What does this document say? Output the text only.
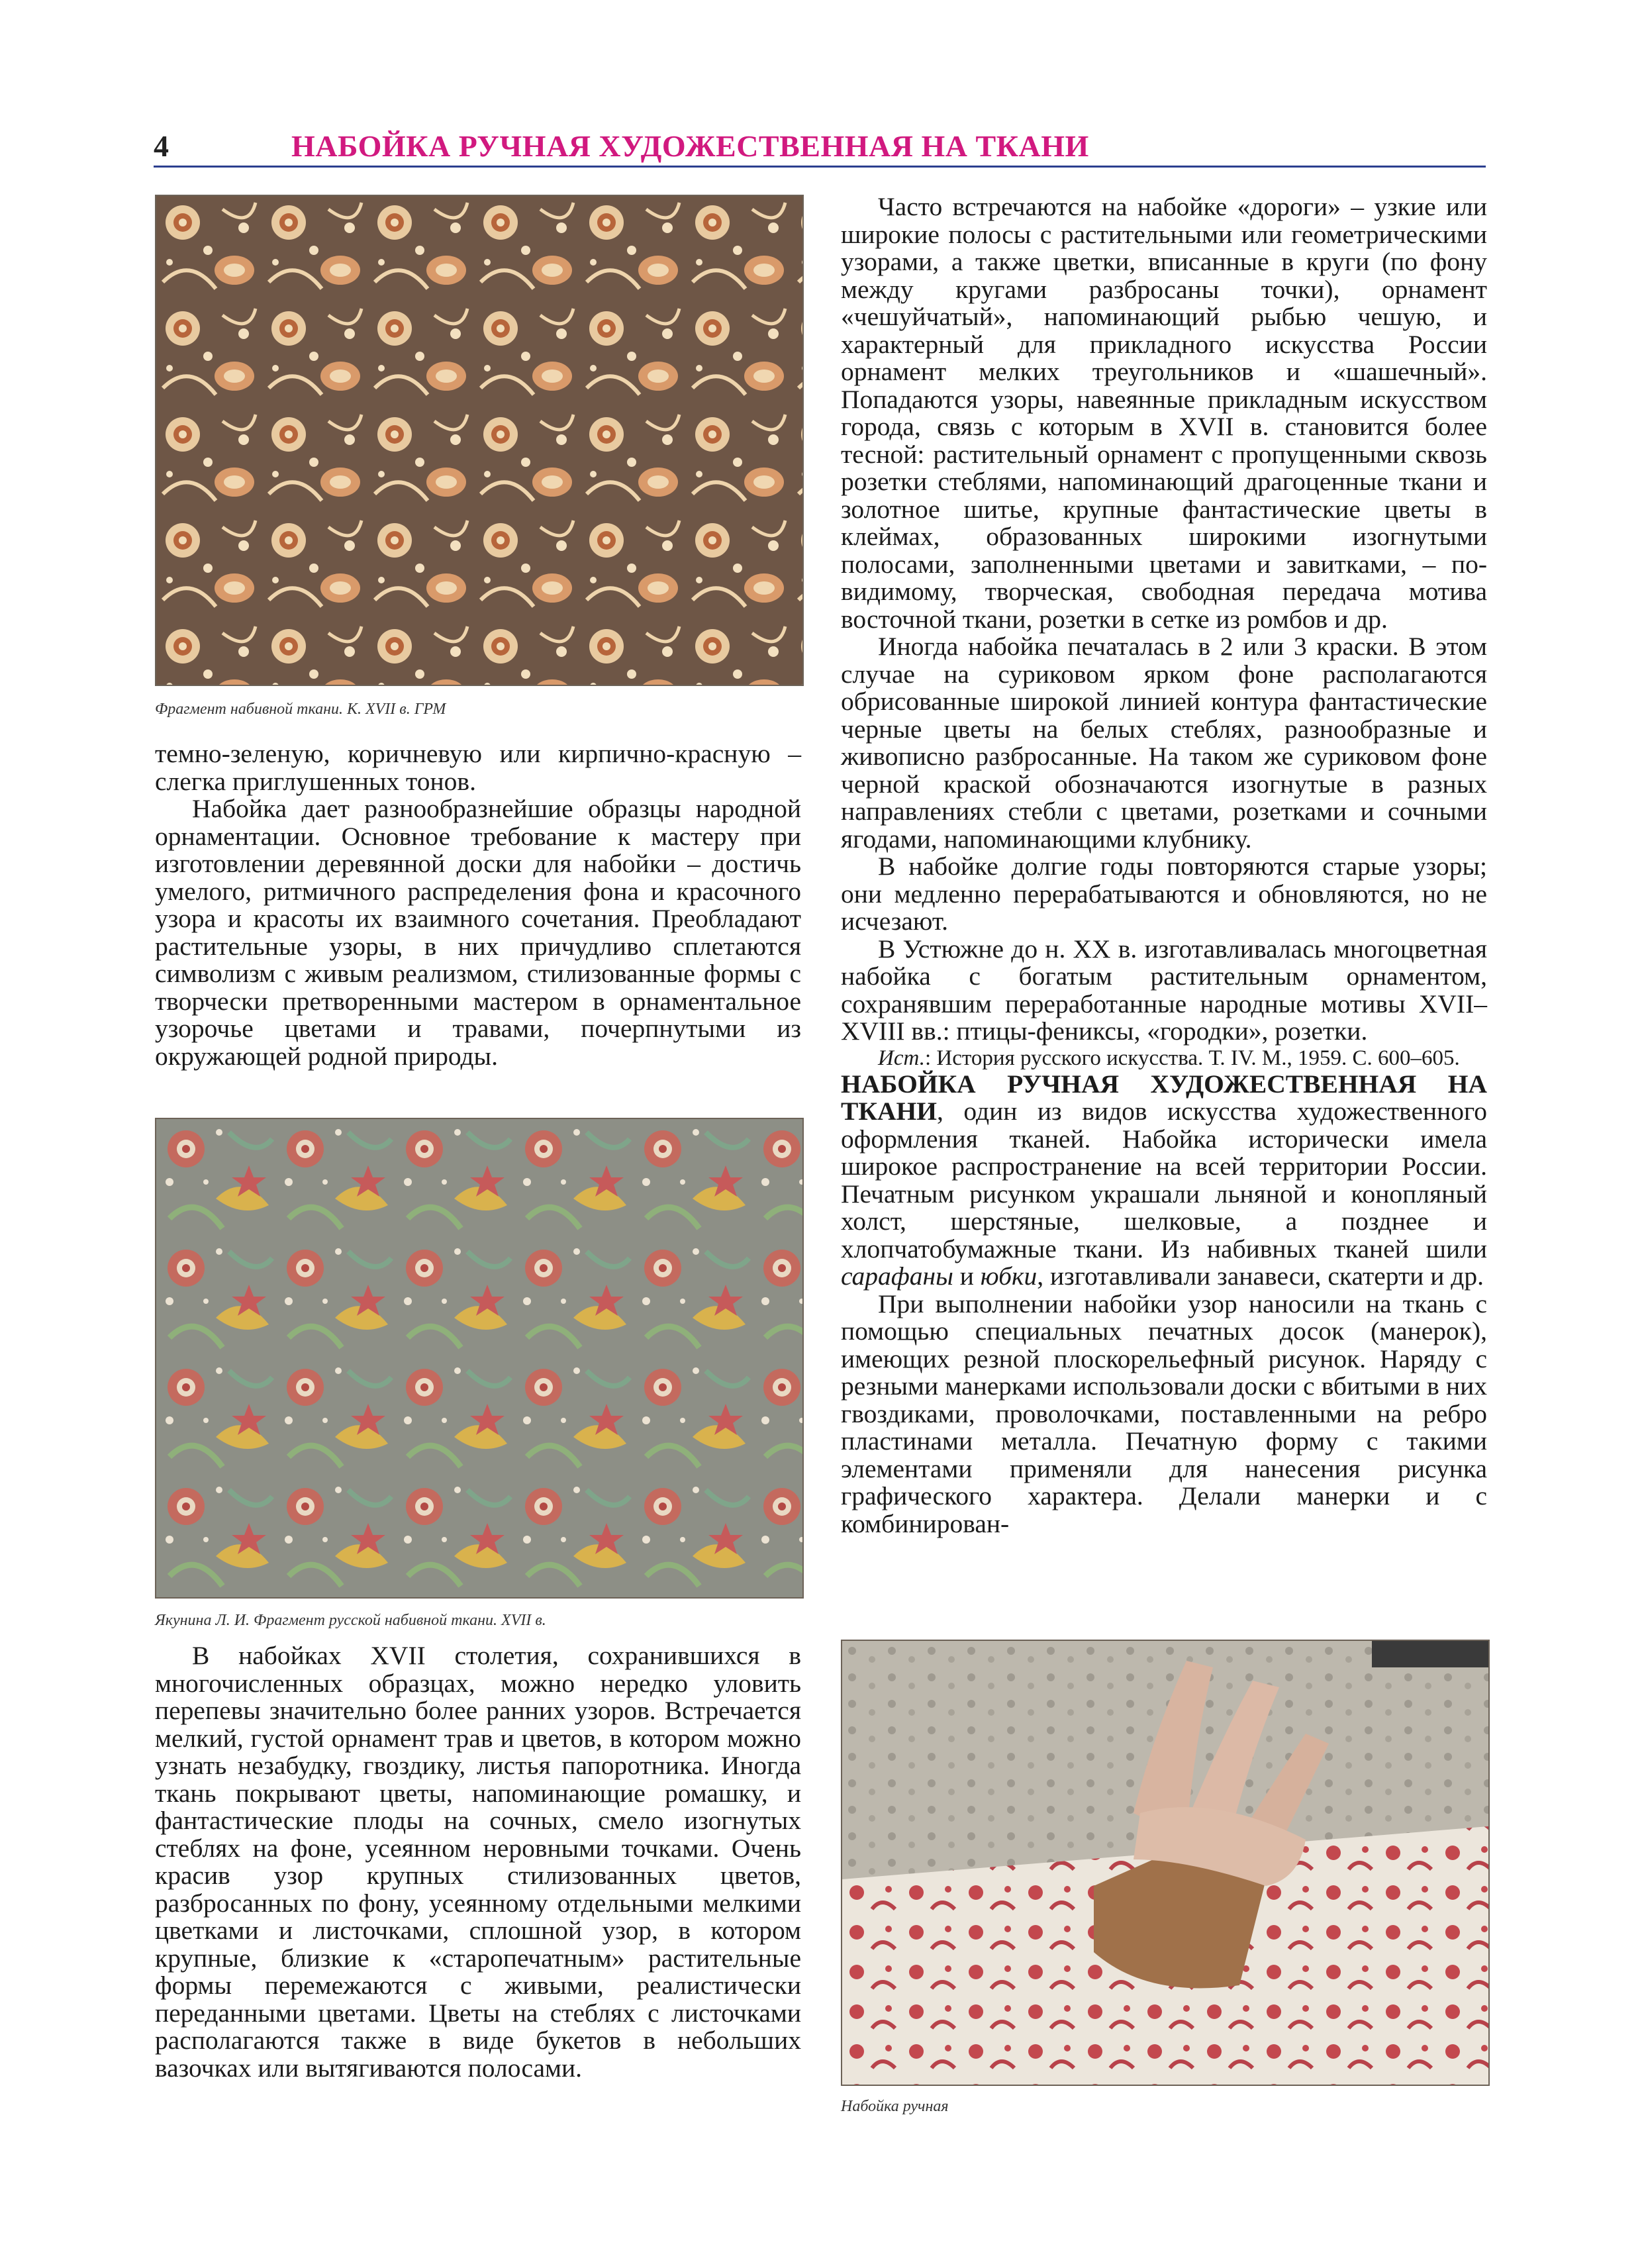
4	НАБОЙКА РУЧНАЯ ХУДОЖЕСТВЕННАЯ НА ТКАНИ
Фрагмент набивной ткани. К. XVII в. ГРМ
Якунина Л. И. Фрагмент русской набивной ткани. XVII в.
Набойка ручная

темно-зеленую, коричневую или кирпично-красную – слегка приглушенных тонов.

Набойка дает разнообразнейшие образцы народной орнаментации. Основное требование к мастеру при изготовлении деревянной доски для набойки – достичь умелого, ритмичного распределения фона и красочного узора и красоты их взаимного сочетания. Преобладают растительные узоры, в них причудливо сплетаются символизм с живым реализмом, стилизованные формы с творчески претворенными мастером в орнаментальное узорочье цветами и травами, почерпнутыми из окружающей родной природы.

В набойках XVII столетия, сохранившихся в многочисленных образцах, можно нередко уловить перепевы значительно более ранних узоров. Встречается мелкий, густой орнамент трав и цветов, в котором можно узнать незабудку, гвоздику, листья папоротника. Иногда ткань покрывают цветы, напоминающие ромашку, и фантастические плоды на сочных, смело изогнутых стеблях на фоне, усеянном неровными точками. Очень красив узор крупных стилизованных цветов, разбросанных по фону, усеянному отдельными мелкими цветками и листочками, сплошной узор, в котором крупные, близкие к «старопечатным» растительные формы перемежаются с живыми, реалистически переданными цветами. Цветы на стеблях с листочками располагаются также в виде букетов в небольших вазочках или вытягиваются полосами.

Часто встречаются на набойке «дороги» – узкие или широкие полосы с растительными или геометрическими узорами, а также цветки, вписанные в круги (по фону между кругами разбросаны точки), орнамент «чешуйчатый», напоминающий рыбью чешую, и характерный для прикладного искусства России орнамент мелких треугольников и «шашечный». Попадаются узоры, навеянные прикладным искусством города, связь с которым в XVII в. становится более тесной: растительный орнамент с пропущенными сквозь розетки стеблями, напоминающий драгоценные ткани и золотное шитье, крупные фантастические цветы в клеймах, образованных широкими изогнутыми полосами, заполненными цветами и завитками, – по-видимому, творческая, свободная передача мотива восточной ткани, розетки в сетке из ромбов и др.

Иногда набойка печаталась в 2 или 3 краски. В этом случае на суриковом ярком фоне располагаются обрисованные широкой линией контура фантастические черные цветы на белых стеблях, разнообразные и живописно разбросанные. На таком же суриковом фоне черной краской обозначаются изогнутые в разных направлениях стебли с цветами, розетками и сочными ягодами, напоминающими клубнику.

В набойке долгие годы повторяются старые узоры; они медленно перерабатываются и обновляются, но не исчезают.

В Устюжне до н. XX в. изготавливалась многоцветная набойка с богатым растительным орнаментом, сохранявшим переработанные народные мотивы XVII–XVIII вв.: птицы-фениксы, «городки», розетки.

Ист.: История русского искусства. Т. IV. М., 1959. С. 600–605.

НАБОЙКА РУЧНАЯ ХУДОЖЕСТВЕННАЯ НА ТКАНИ, один из видов искусства художественного оформления тканей. Набойка исторически имела широкое распространение на всей территории России. Печатным рисунком украшали льняной и конопляный холст, шерстяные, шелковые, а позднее и хлопчатобумажные ткани. Из набивных тканей шили сарафаны и юбки, изготавливали занавеси, скатерти и др.

При выполнении набойки узор наносили на ткань с помощью специальных печатных досок (манерок), имеющих резной плоскорельефный рисунок. Наряду с резными манерками использовали доски с вбитыми в них гвоздиками, проволочками, поставленными на ребро пластинами металла. Печатную форму с такими элементами применяли для нанесения рисунка графического характера. Делали манерки и с комбинирован-
